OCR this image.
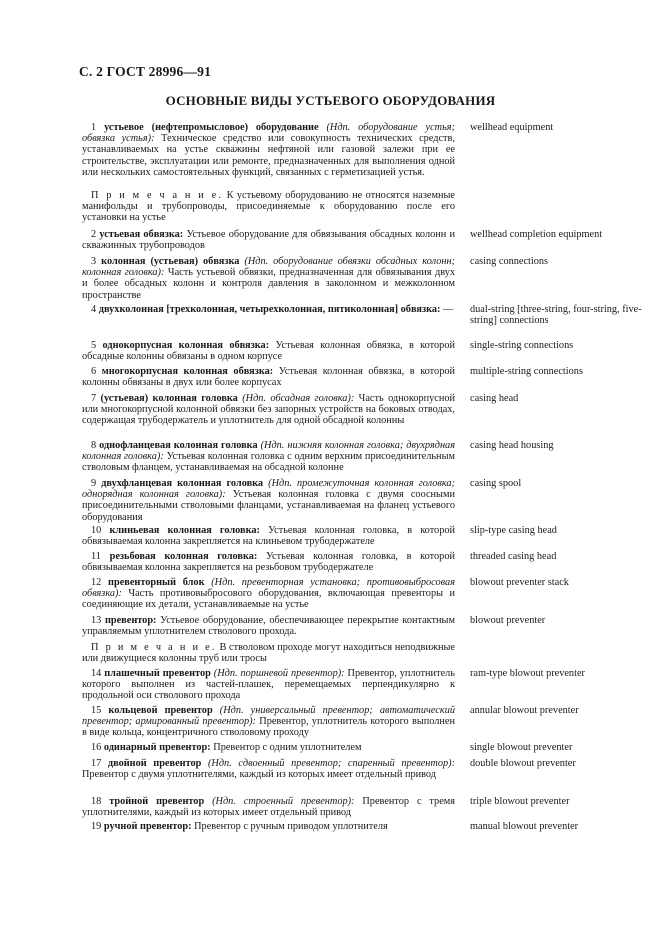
С. 2 ГОСТ 28996—91
ОСНОВНЫЕ ВИДЫ УСТЬЕВОГО ОБОРУДОВАНИЯ
wellhead equipment
1 устьевое (нефтепромысловое) оборудование (Ндп. оборудование устья; обвязка устья): Техническое средство или совокупность технических средств, устанавливаемых на устье скважины нефтяной или газовой залежи при ее строительстве, эксплуатации или ремонте, предназначенных для выполнения одной или нескольких самостоятельных функций, связанных с герметизацией устья.
П р и м е ч а н и е. К устьевому оборудованию не относятся наземные манифольды и трубопроводы, присоединяемые к оборудованию после его установки на устье
wellhead completion equipment
2 устьевая обвязка: Устьевое оборудование для обвязывания обсадных колонн и скважинных трубопроводов
casing connections
3 колонная (устьевая) обвязка (Ндп. оборудование обвязки обсадных колонн; колонная головка): Часть устьевой обвязки, предназначенная для обвязывания двух и более обсадных колонн и контроля давления в заколонном и межколонном пространстве
dual-string [three-string, four-string, five-string] connections
4 двухколонная [трехколонная, четырехколонная, пятиколонная] обвязка: —
single-string connections
5 однокорпусная колонная обвязка: Устьевая колонная обвязка, в которой обсадные колонны обвязаны в одном корпусе
multiple-string connections
6 многокорпусная колонная обвязка: Устьевая колонная обвязка, в которой колонны обвязаны в двух или более корпусах
casing head
7 (устьевая) колонная головка (Ндп. обсадная головка): Часть однокорпусной или многокорпусной колонной обвязки без запорных устройств на боковых отводах, содержащая трубодержатель и уплотнитель для одной обсадной колонны
casing head housing
8 однофланцевая колонная головка (Ндп. нижняя колонная головка; двухрядная колонная головка): Устьевая колонная головка с одним верхним присоединительным стволовым фланцем, устанавливаемая на обсадной колонне
casing spool
9 двухфланцевая колонная головка (Ндп. промежуточная колонная головка; однорядная колонная головка): Устьевая колонная головка с двумя соосными присоединительными стволовыми фланцами, устанавливаемая на фланец устьевого оборудования
slip-type casing head
10 клиньевая колонная головка: Устьевая колонная головка, в которой обвязываемая колонна закрепляется на клиньевом трубодержателе
threaded casing head
11 резьбовая колонная головка: Устьевая колонная головка, в которой обвязываемая колонна закрепляется на резьбовом трубодержателе
blowout preventer stack
12 превенторный блок (Ндп. превенторная установка; противовыбросовая обвязка): Часть противовыбросового оборудования, включающая превенторы и соединяющие их детали, устанавливаемые на устье
blowout preventer
13 превентор: Устьевое оборудование, обеспечивающее перекрытие контактным управляемым уплотнителем стволового прохода.
П р и м е ч а н и е. В стволовом проходе могут находиться неподвижные или движущиеся колонны труб или тросы
ram-type blowout preventer
14 плашечный превентор (Ндп. поршневой превентор): Превентор, уплотнитель которого выполнен из частей-плашек, перемещаемых перпендикулярно к продольной оси стволового прохода
annular blowout preventer
15 кольцевой превентор (Ндп. универсальный превентор; автоматический превентор; армированный превентор): Превентор, уплотнитель которого выполнен в виде кольца, концентричного стволовому проходу
single blowout preventer
16 одинарный превентор: Превентор с одним уплотнителем
double blowout preventer
17 двойной превентор (Ндп. сдвоенный превентор; спаренный превентор): Превентор с двумя уплотнителями, каждый из которых имеет отдельный привод
triple blowout preventer
18 тройной превентор (Ндп. строенный превентор): Превентор с тремя уплотнителями, каждый из которых имеет отдельный привод
manual blowout preventer
19 ручной превентор: Превентор с ручным приводом уплотнителя
